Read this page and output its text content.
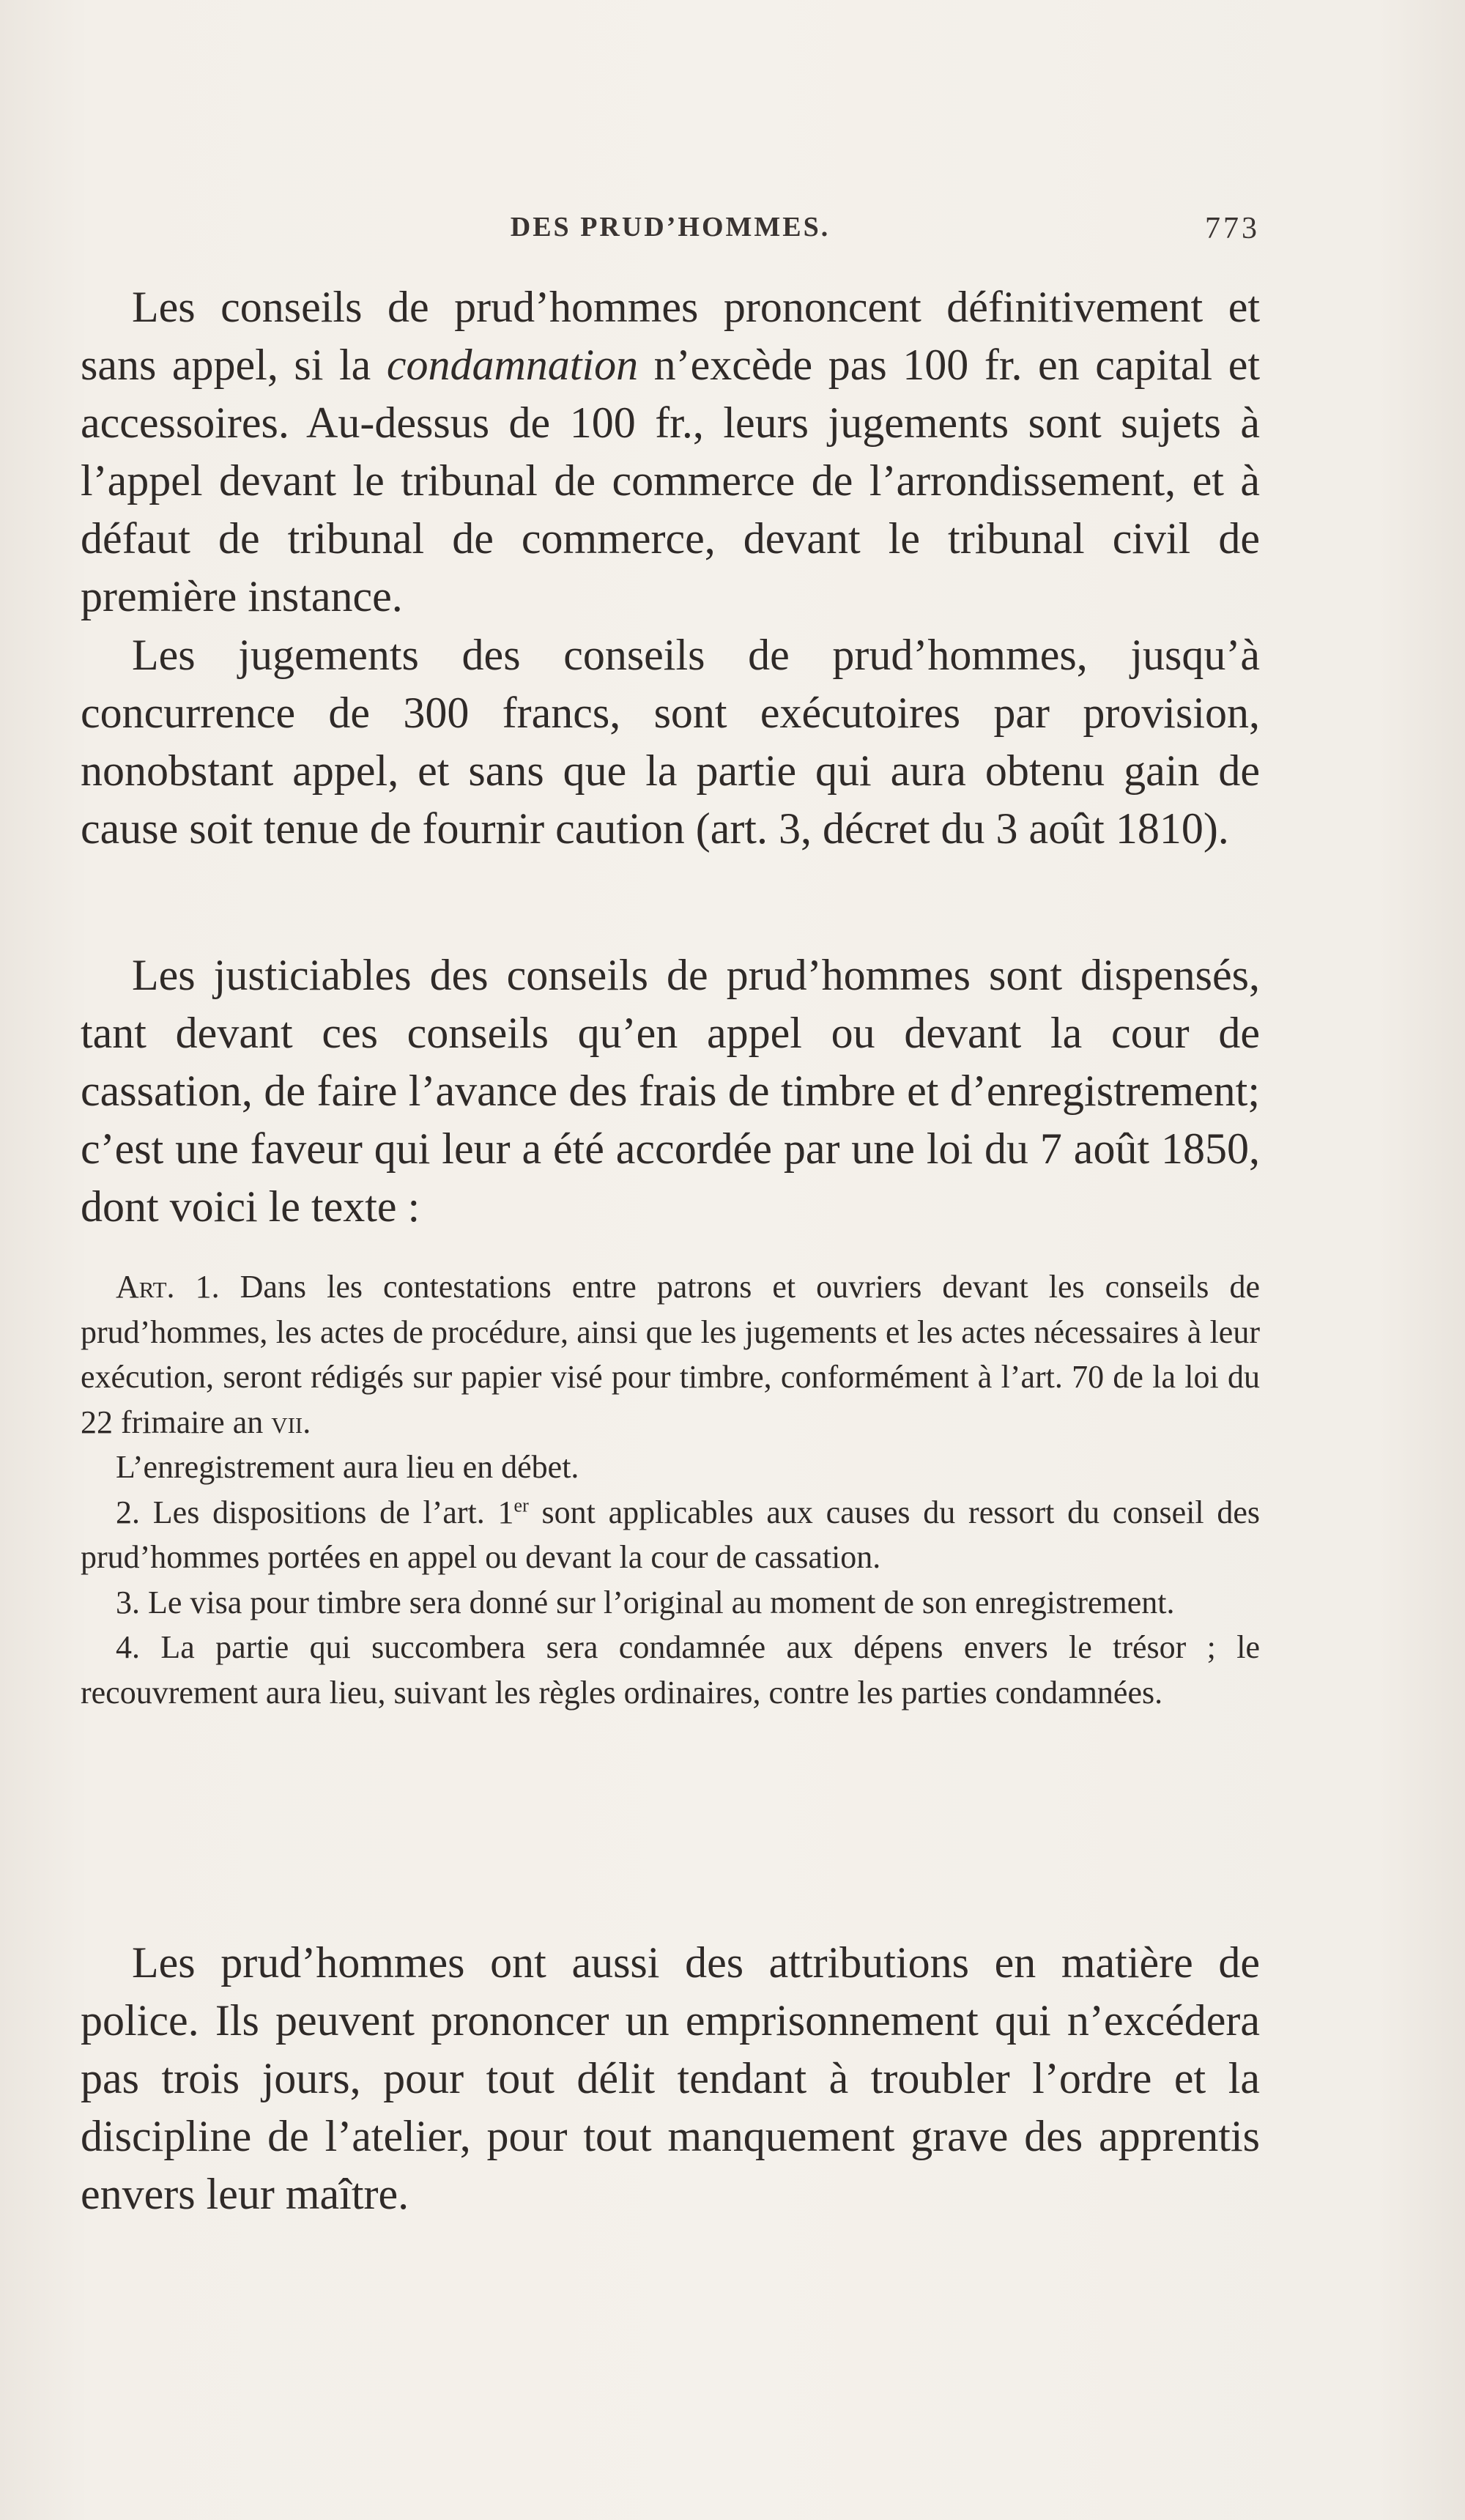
DES PRUD’HOMMES.	773

Les conseils de prud’hommes prononcent définitivement et sans appel, si la condamnation n’excède pas 100 fr. en capital et accessoires. Au-dessus de 100 fr., leurs jugements sont sujets à l’appel devant le tribunal de commerce de l’arrondissement, et à défaut de tribunal de commerce, devant le tribunal civil de première instance.

Les jugements des conseils de prud’hommes, jusqu’à concurrence de 300 francs, sont exécutoires par provision, nonobstant appel, et sans que la partie qui aura obtenu gain de cause soit tenue de fournir caution (art. 3, décret du 3 août 1810).

Les justiciables des conseils de prud’hommes sont dispensés, tant devant ces conseils qu’en appel ou devant la cour de cassation, de faire l’avance des frais de timbre et d’enregistrement; c’est une faveur qui leur a été accordée par une loi du 7 août 1850, dont voici le texte :

Art. 1. Dans les contestations entre patrons et ouvriers devant les conseils de prud’hommes, les actes de procédure, ainsi que les jugements et les actes nécessaires à leur exécution, seront rédigés sur papier visé pour timbre, conformément à l’art. 70 de la loi du 22 frimaire an vii.

L’enregistrement aura lieu en débet.

2. Les dispositions de l’art. 1er sont applicables aux causes du ressort du conseil des prud’hommes portées en appel ou devant la cour de cassation.

3. Le visa pour timbre sera donné sur l’original au moment de son enregistrement.

4. La partie qui succombera sera condamnée aux dépens envers le trésor ; le recouvrement aura lieu, suivant les règles ordinaires, contre les parties condamnées.

Les prud’hommes ont aussi des attributions en matière de police. Ils peuvent prononcer un emprisonnement qui n’excédera pas trois jours, pour tout délit tendant à troubler l’ordre et la discipline de l’atelier, pour tout manquement grave des apprentis envers leur maître.
